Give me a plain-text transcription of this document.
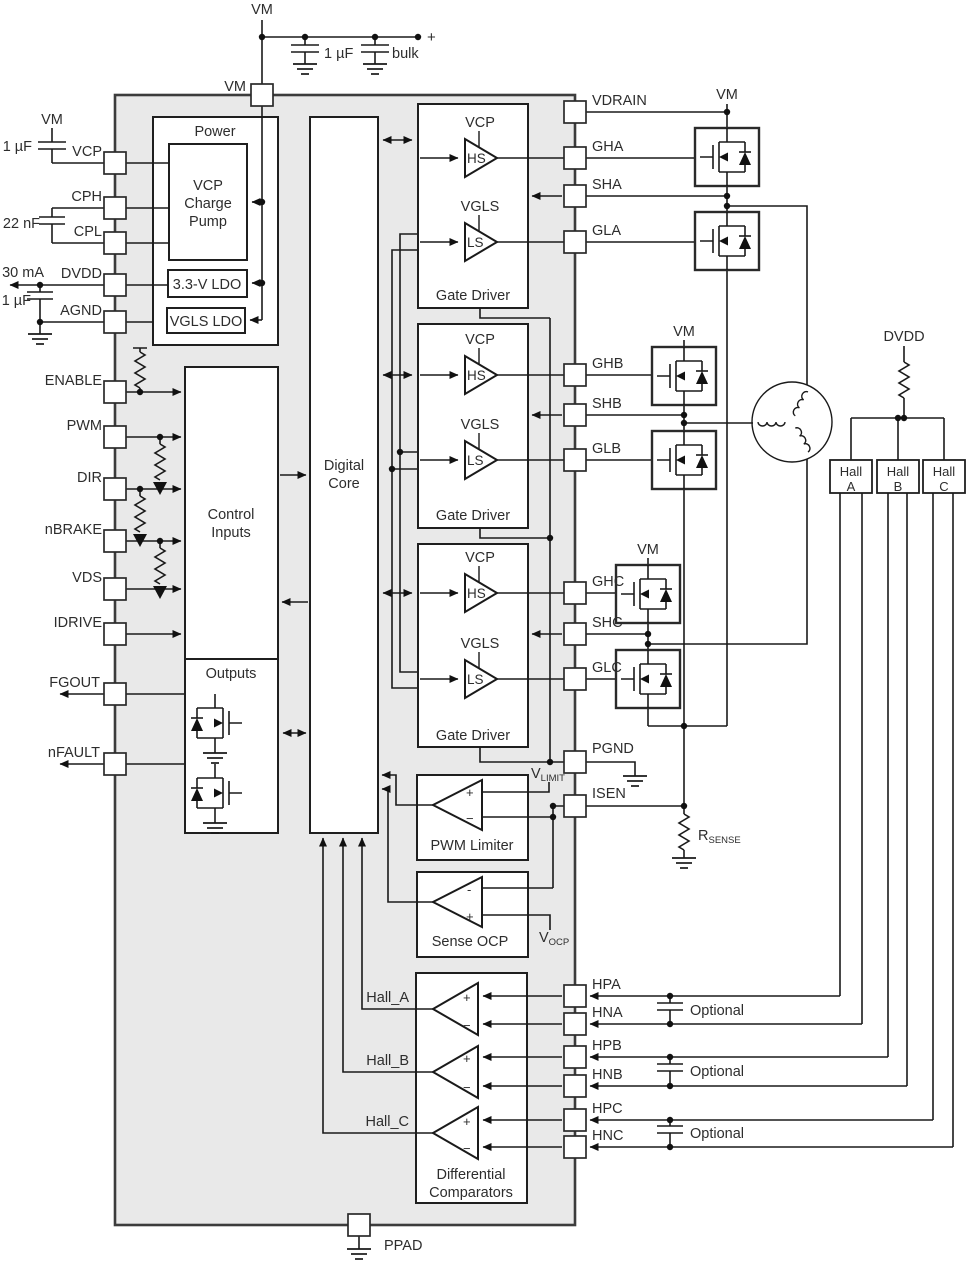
VM
+
1 µF	bulk
VM
VM
1 µF	VCP
CPH
22 nF CPL
30 mA DVDD
1 µF
AGND
ENABLE
PWM
DIR
nBRAKE
VDS
IDRIVE
FGOUT
nFAULT
Power
VCP
Charge
Pump
3.3-V LDO
VGLS LDO
Control
Inputs
Outputs
Digital
Core
VCP
HS
VGLS
LS
Gate Driver
VCP
HS
VGLS
LS
Gate Driver
VCP
HS
VGLS
LS
Gate Driver
+
−
PWM Limiter
$V_{LIMIT}$
-
+
Sense OCP $V_{OCP}$
Hall_A
Hall_B
Hall_C
+
−
+
−
+
−
Differential
Comparators
VDRAIN
GHA
SHA
GLA
GHB
SHB
GLB
GHC
SHC
GLC
PGND
ISEN
HPA
HNA
HPB
HNB
HPC
HNC
VM
VM
VM
DVDD
$R_{SENSE}$
Optional
Optional
Optional
Hall
A
Hall
B
Hall
C
PPAD
